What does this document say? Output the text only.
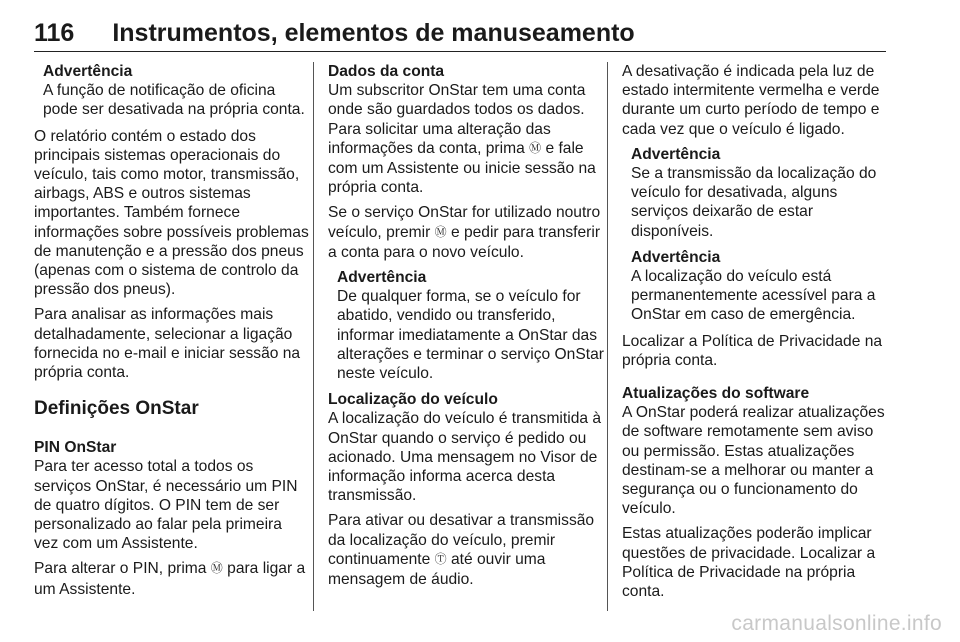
116 Instrumentos, elementos de manuseamento
Advertência
A função de notificação de oficina pode ser desativada na própria conta.

O relatório contém o estado dos principais sistemas operacionais do veículo, tais como motor, transmissão, airbags, ABS e outros sistemas importantes. Também fornece informações sobre possíveis problemas de manutenção e a pressão dos pneus (apenas com o sistema de controlo da pressão dos pneus).

Para analisar as informações mais detalhadamente, selecionar a ligação fornecida no e-mail e iniciar sessão na própria conta.

Definições OnStar
PIN OnStar

Para ter acesso total a todos os serviços OnStar, é necessário um PIN de quatro dígitos. O PIN tem de ser personalizado ao falar pela primeira vez com um Assistente.

Para alterar o PIN, prima Ⓜ para ligar a um Assistente.

Dados da conta

Um subscritor OnStar tem uma conta onde são guardados todos os dados. Para solicitar uma alteração das informações da conta, prima Ⓜ e fale com um Assistente ou inicie sessão na própria conta.

Se o serviço OnStar for utilizado noutro veículo, premir Ⓜ e pedir para transferir a conta para o novo veículo.

Advertência
De qualquer forma, se o veículo for abatido, vendido ou transferido, informar imediatamente a OnStar das alterações e terminar o serviço OnStar neste veículo.
Localização do veículo

A localização do veículo é transmitida à OnStar quando o serviço é pedido ou acionado. Uma mensagem no Visor de informação informa acerca desta transmissão.

Para ativar ou desativar a transmissão da localização do veículo, premir continuamente Ⓣ até ouvir uma mensagem de áudio.

A desativação é indicada pela luz de estado intermitente vermelha e verde durante um curto período de tempo e cada vez que o veículo é ligado.

Advertência
Se a transmissão da localização do veículo for desativada, alguns serviços deixarão de estar disponíveis.
Advertência
A localização do veículo está permanentemente acessível para a OnStar em caso de emergência.

Localizar a Política de Privacidade na própria conta.

Atualizações do software

A OnStar poderá realizar atualizações de software remotamente sem aviso ou permissão. Estas atualizações destinam-se a melhorar ou manter a segurança ou o funcionamento do veículo.

Estas atualizações poderão implicar questões de privacidade. Localizar a Política de Privacidade na própria conta.

carmanualsonline.info
